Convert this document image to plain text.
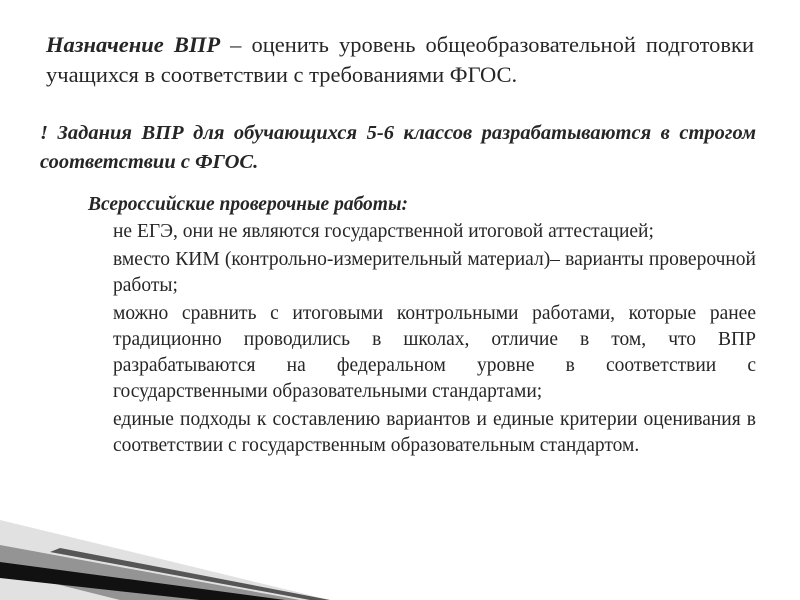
Назначение ВПР – оценить уровень общеобразовательной подготовки учащихся в соответствии с требованиями ФГОС.
! Задания ВПР для обучающихся 5-6 классов разрабатываются в строгом соответствии с ФГОС.
Всероссийские проверочные работы:
не ЕГЭ, они не являются государственной итоговой аттестацией;
вместо КИМ (контрольно-измерительный материал)– варианты проверочной работы;
можно сравнить с итоговыми контрольными работами, которые ранее традиционно проводились в школах, отличие в том, что ВПР разрабатываются на федеральном уровне в соответствии с государственными образовательными стандартами;
единые подходы к составлению вариантов и единые критерии оценивания в соответствии с государственным образовательным стандартом.
